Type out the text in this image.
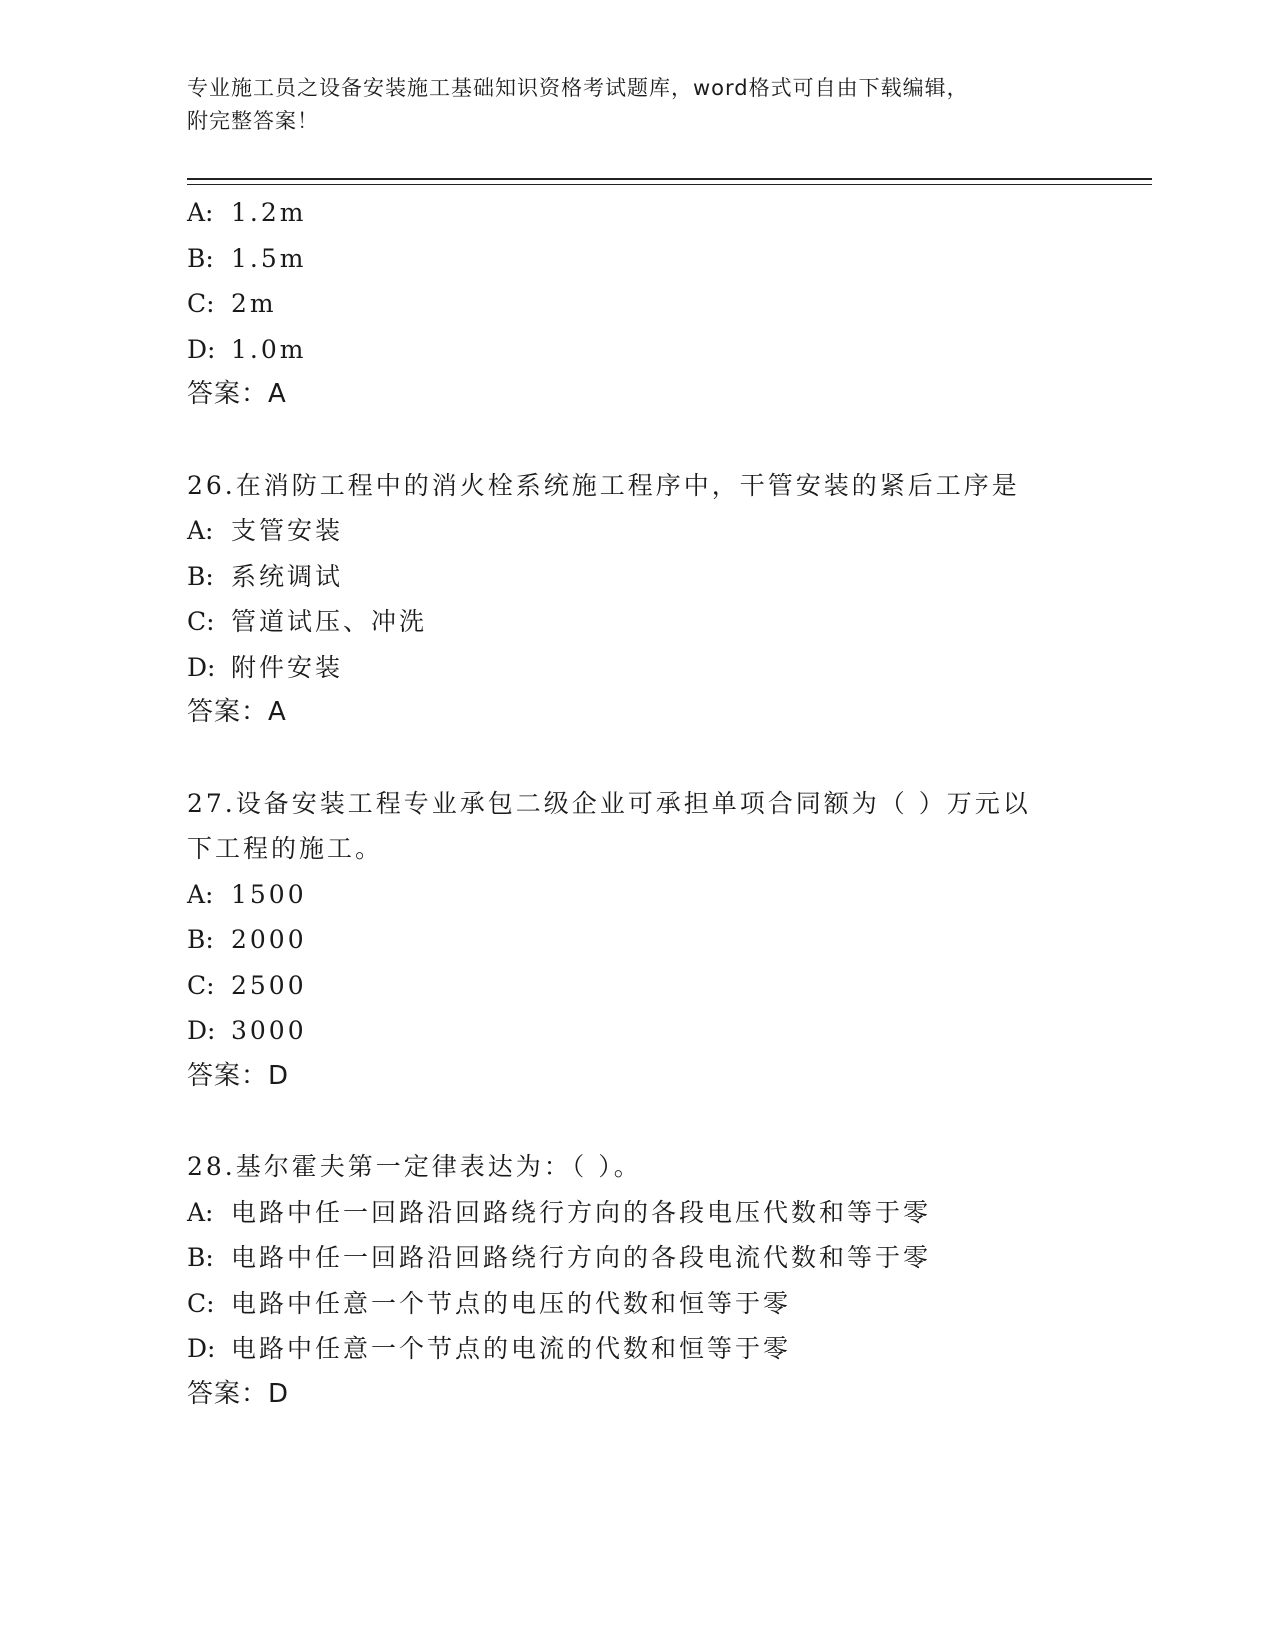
专业施工员之设备安装施工基础知识资格考试题库，word格式可自由下载编辑，
附完整答案！
A: 1.2m
B: 1.5m
C: 2m
D: 1.0m
答案：A
26.在消防工程中的消火栓系统施工程序中，干管安装的紧后工序是
A: 支管安装
B: 系统调试
C: 管道试压、冲洗
D: 附件安装
答案：A
27.设备安装工程专业承包二级企业可承担单项合同额为（ ）万元以
下工程的施工。
A: 1500
B: 2000
C: 2500
D: 3000
答案：D
28.基尔霍夫第一定律表达为：（ ）。
A: 电路中任一回路沿回路绕行方向的各段电压代数和等于零
B: 电路中任一回路沿回路绕行方向的各段电流代数和等于零
C: 电路中任意一个节点的电压的代数和恒等于零
D: 电路中任意一个节点的电流的代数和恒等于零
答案：D
